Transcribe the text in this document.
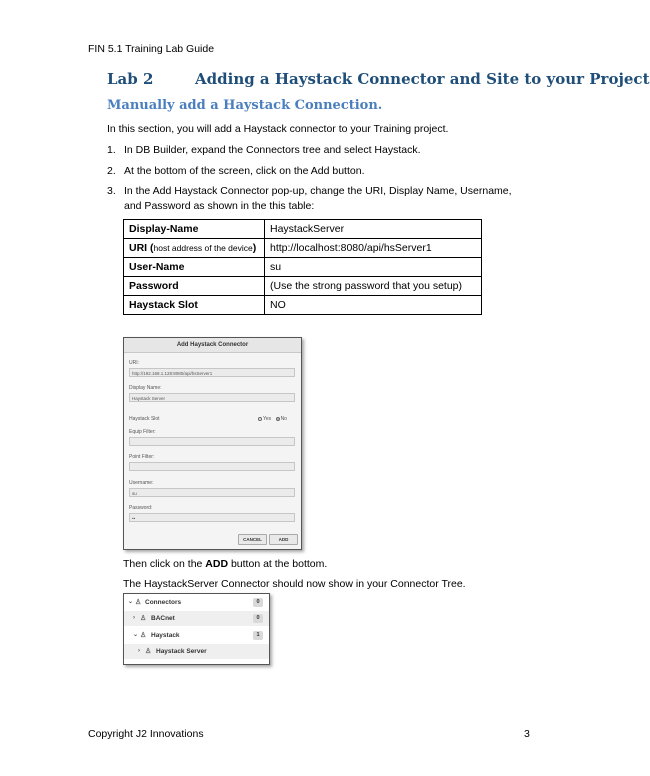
FIN 5.1 Training Lab Guide
Lab 2	Adding a Haystack Connector and Site to your Project
Manually add a Haystack Connection.
In this section, you will add a Haystack connector to your Training project.
1. In DB Builder, expand the Connectors tree and select Haystack.
2. At the bottom of the screen, click on the Add button.
3. In the Add Haystack Connector pop-up, change the URI, Display Name, Username, and Password as shown in the this table:
Display-Name	HaystackServer
URI (host address of the device)	http://localhost:8080/api/hsServer1
User-Name	su
Password	(Use the strong password that you setup)
Haystack Slot	NO
Add Haystack Connector
URI:
http://192.168.1.128:8080/api/hsServer1
Display Name:
Haystack Server
Haystack Slot	Yes No
Equip Filter:
Point Filter:
Username:
su
Password:
••
CANCEL	ADD
Then click on the ADD button at the bottom.
The HaystackServer Connector should now show in your Connector Tree.
⌄ ♙ Connectors	0
› ♙ BACnet	0
⌄ ♙ Haystack	1
› ♙ Haystack Server
Copyright J2 Innovations	3
